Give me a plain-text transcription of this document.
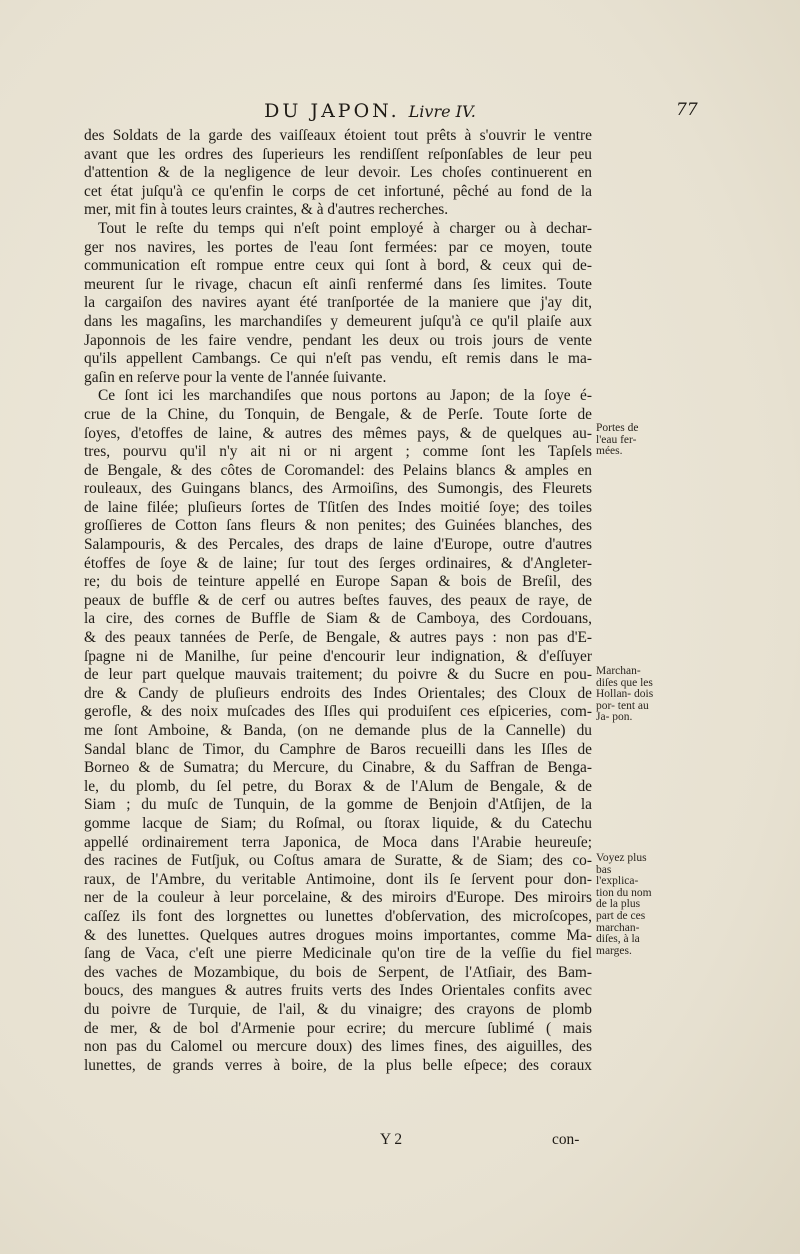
DU JAPON. Livre IV.	77
des Soldats de la garde des vaiſſeaux étoient tout prêts à s'ouvrir le ventre
avant que les ordres des ſuperieurs les rendiſſent reſponſables de leur peu
d'attention & de la negligence de leur devoir. Les choſes continuerent en
cet état juſqu'à ce qu'enfin le corps de cet infortuné, pêché au fond de la
mer, mit fin à toutes leurs craintes, & à d'autres recherches.
Tout le reſte du temps qui n'eſt point employé à charger ou à dechar-
ger nos navires, les portes de l'eau ſont fermées: par ce moyen, toute
communication eſt rompue entre ceux qui ſont à bord, & ceux qui de-
meurent ſur le rivage, chacun eſt ainſi renfermé dans ſes limites. Toute
la cargaiſon des navires ayant été tranſportée de la maniere que j'ay dit,
dans les magaſins, les marchandiſes y demeurent juſqu'à ce qu'il plaiſe aux
Japonnois de les faire vendre, pendant les deux ou trois jours de vente
qu'ils appellent Cambangs. Ce qui n'eſt pas vendu, eſt remis dans le ma-
gaſin en reſerve pour la vente de l'année ſuivante.
Ce ſont ici les marchandiſes que nous portons au Japon; de la ſoye é-
crue de la Chine, du Tonquin, de Bengale, & de Perſe. Toute ſorte de
ſoyes, d'etoffes de laine, & autres des mêmes pays, & de quelques au-
tres, pourvu qu'il n'y ait ni or ni argent ; comme ſont les Tapſels
de Bengale, & des côtes de Coromandel: des Pelains blancs & amples en
rouleaux, des Guingans blancs, des Armoiſins, des Sumongis, des Fleurets
de laine filée; pluſieurs ſortes de Tſitſen des Indes moitié ſoye; des toiles
groſſieres de Cotton ſans fleurs & non penites; des Guinées blanches, des
Salampouris, & des Percales, des draps de laine d'Europe, outre d'autres
étoffes de ſoye & de laine; ſur tout des ſerges ordinaires, & d'Angleter-
re; du bois de teinture appellé en Europe Sapan & bois de Breſil, des
peaux de buffle & de cerf ou autres beſtes fauves, des peaux de raye, de
la cire, des cornes de Buffle de Siam & de Camboya, des Cordouans,
& des peaux tannées de Perſe, de Bengale, & autres pays : non pas d'E-
ſpagne ni de Manilhe, ſur peine d'encourir leur indignation, & d'eſſuyer
de leur part quelque mauvais traitement; du poivre & du Sucre en pou-
dre & Candy de pluſieurs endroits des Indes Orientales; des Cloux de
gerofle, & des noix muſcades des Iſles qui produiſent ces eſpiceries, com-
me ſont Amboine, & Banda, (on ne demande plus de la Cannelle) du
Sandal blanc de Timor, du Camphre de Baros recueilli dans les Iſles de
Borneo & de Sumatra; du Mercure, du Cinabre, & du Saffran de Benga-
le, du plomb, du ſel petre, du Borax & de l'Alum de Bengale, & de
Siam ; du muſc de Tunquin, de la gomme de Benjoin d'Atſijen, de la
gomme lacque de Siam; du Roſmal, ou ſtorax liquide, & du Catechu
appellé ordinairement terra Japonica, de Moca dans l'Arabie heureuſe;
des racines de Futſjuk, ou Coſtus amara de Suratte, & de Siam; des co-
raux, de l'Ambre, du veritable Antimoine, dont ils ſe ſervent pour don-
ner de la couleur à leur porcelaine, & des miroirs d'Europe. Des miroirs
caſſez ils font des lorgnettes ou lunettes d'obſervation, des microſcopes,
& des lunettes. Quelques autres drogues moins importantes, comme Ma-
ſang de Vaca, c'eſt une pierre Medicinale qu'on tire de la veſſie du fiel
des vaches de Mozambique, du bois de Serpent, de l'Atſiair, des Bam-
boucs, des mangues & autres fruits verts des Indes Orientales confits avec
du poivre de Turquie, de l'ail, & du vinaigre; des crayons de plomb
de mer, & de bol d'Armenie pour ecrire; du mercure ſublimé ( mais
non pas du Calomel ou mercure doux) des limes fines, des aiguilles, des
lunettes, de grands verres à boire, de la plus belle eſpece; des coraux
Portes de l'eau fer- mées.
Marchan- diſes que les Hollan- dois por- tent au Ja- pon.
Voyez plus bas l'explica- tion du nom de la plus part de ces marchan- diſes, à la marges.
Y 2	con-
